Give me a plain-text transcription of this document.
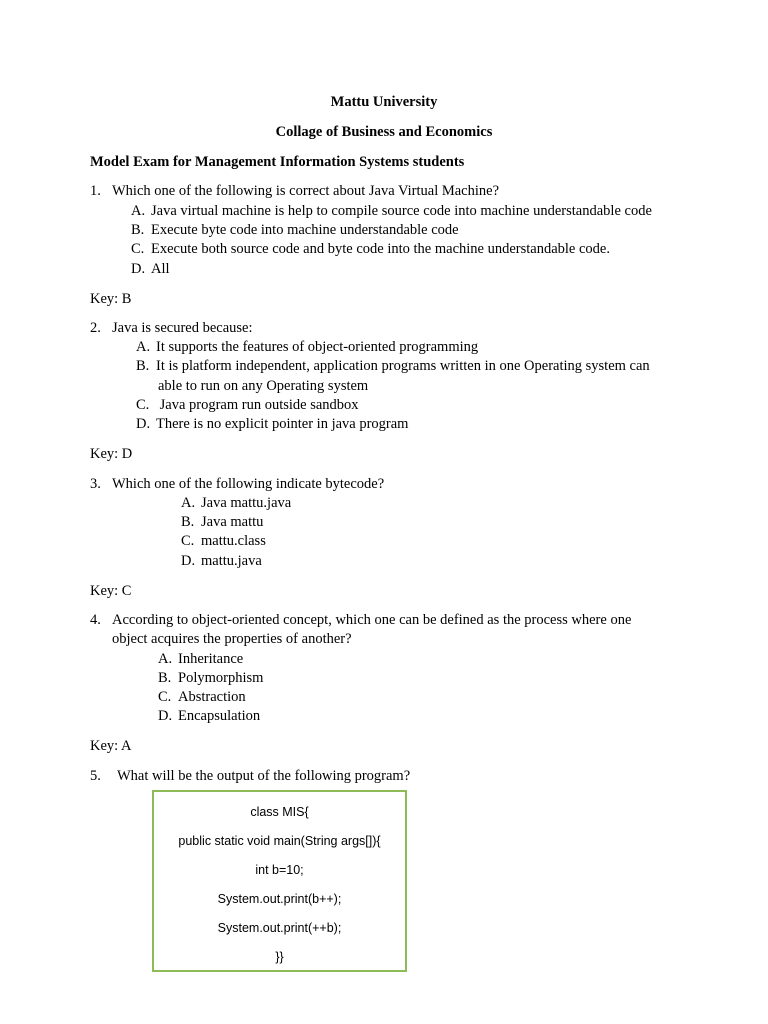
Mattu University
Collage of Business and Economics
Model Exam for Management Information Systems students
1. Which one of the following is correct about Java Virtual Machine?
A. Java virtual machine is help to compile source code into machine understandable code
B. Execute byte code into machine understandable code
C. Execute both source code and byte code into the machine understandable code.
D. All
Key: B
2. Java is secured because:
A. It supports the features of object-oriented programming
B. It is platform independent, application programs written in one Operating system can
able to run on any Operating system
C. Java program run outside sandbox
D. There is no explicit pointer in java program
Key: D
3. Which one of the following indicate bytecode?
A. Java mattu.java
B. Java mattu
C. mattu.class
D. mattu.java
Key: C
4. According to object-oriented concept, which one can be defined as the process where one
object acquires the properties of another?
A. Inheritance
B. Polymorphism
C. Abstraction
D. Encapsulation
Key: A
5. What will be the output of the following program?
class MIS{
public static void main(String args[]){
int b=10;
System.out.print(b++);
System.out.print(++b);
}}
